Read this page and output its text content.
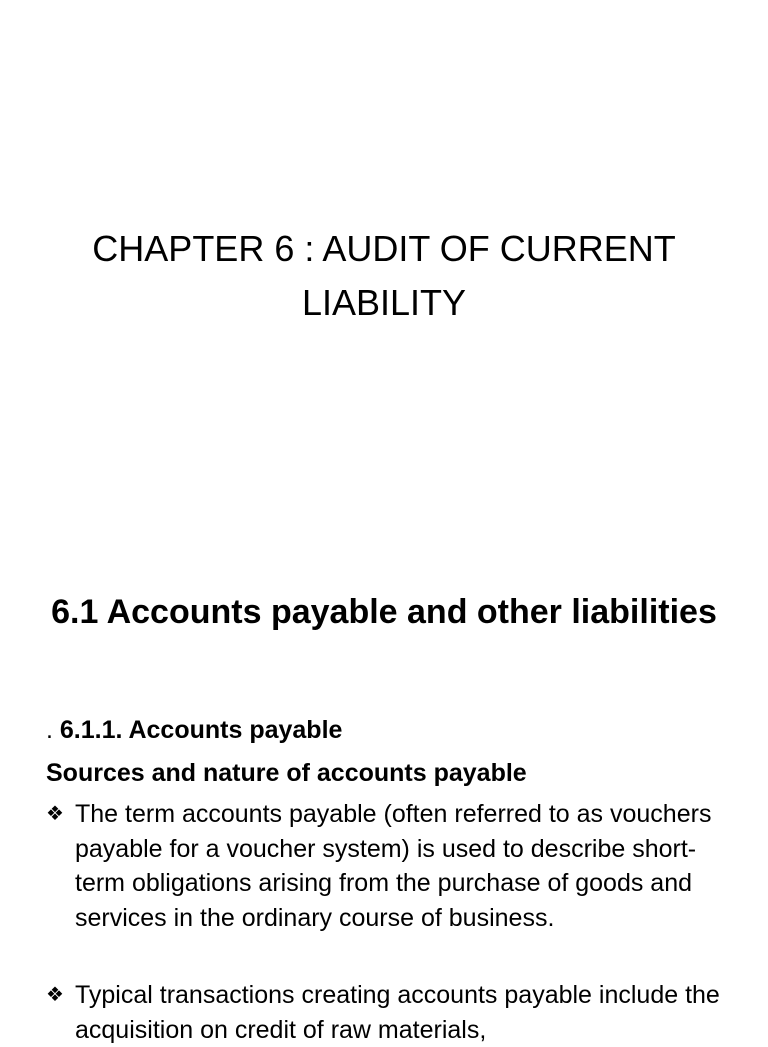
CHAPTER 6 : AUDIT OF CURRENT LIABILITY
6.1 Accounts payable and other liabilities
. 6.1.1. Accounts payable
Sources and nature of accounts payable
❖ The term accounts payable (often referred to as vouchers payable for a voucher system) is used to describe short-term obligations arising from the purchase of goods and services in the ordinary course of business.
❖ Typical transactions creating accounts payable include the acquisition on credit of raw materials,
